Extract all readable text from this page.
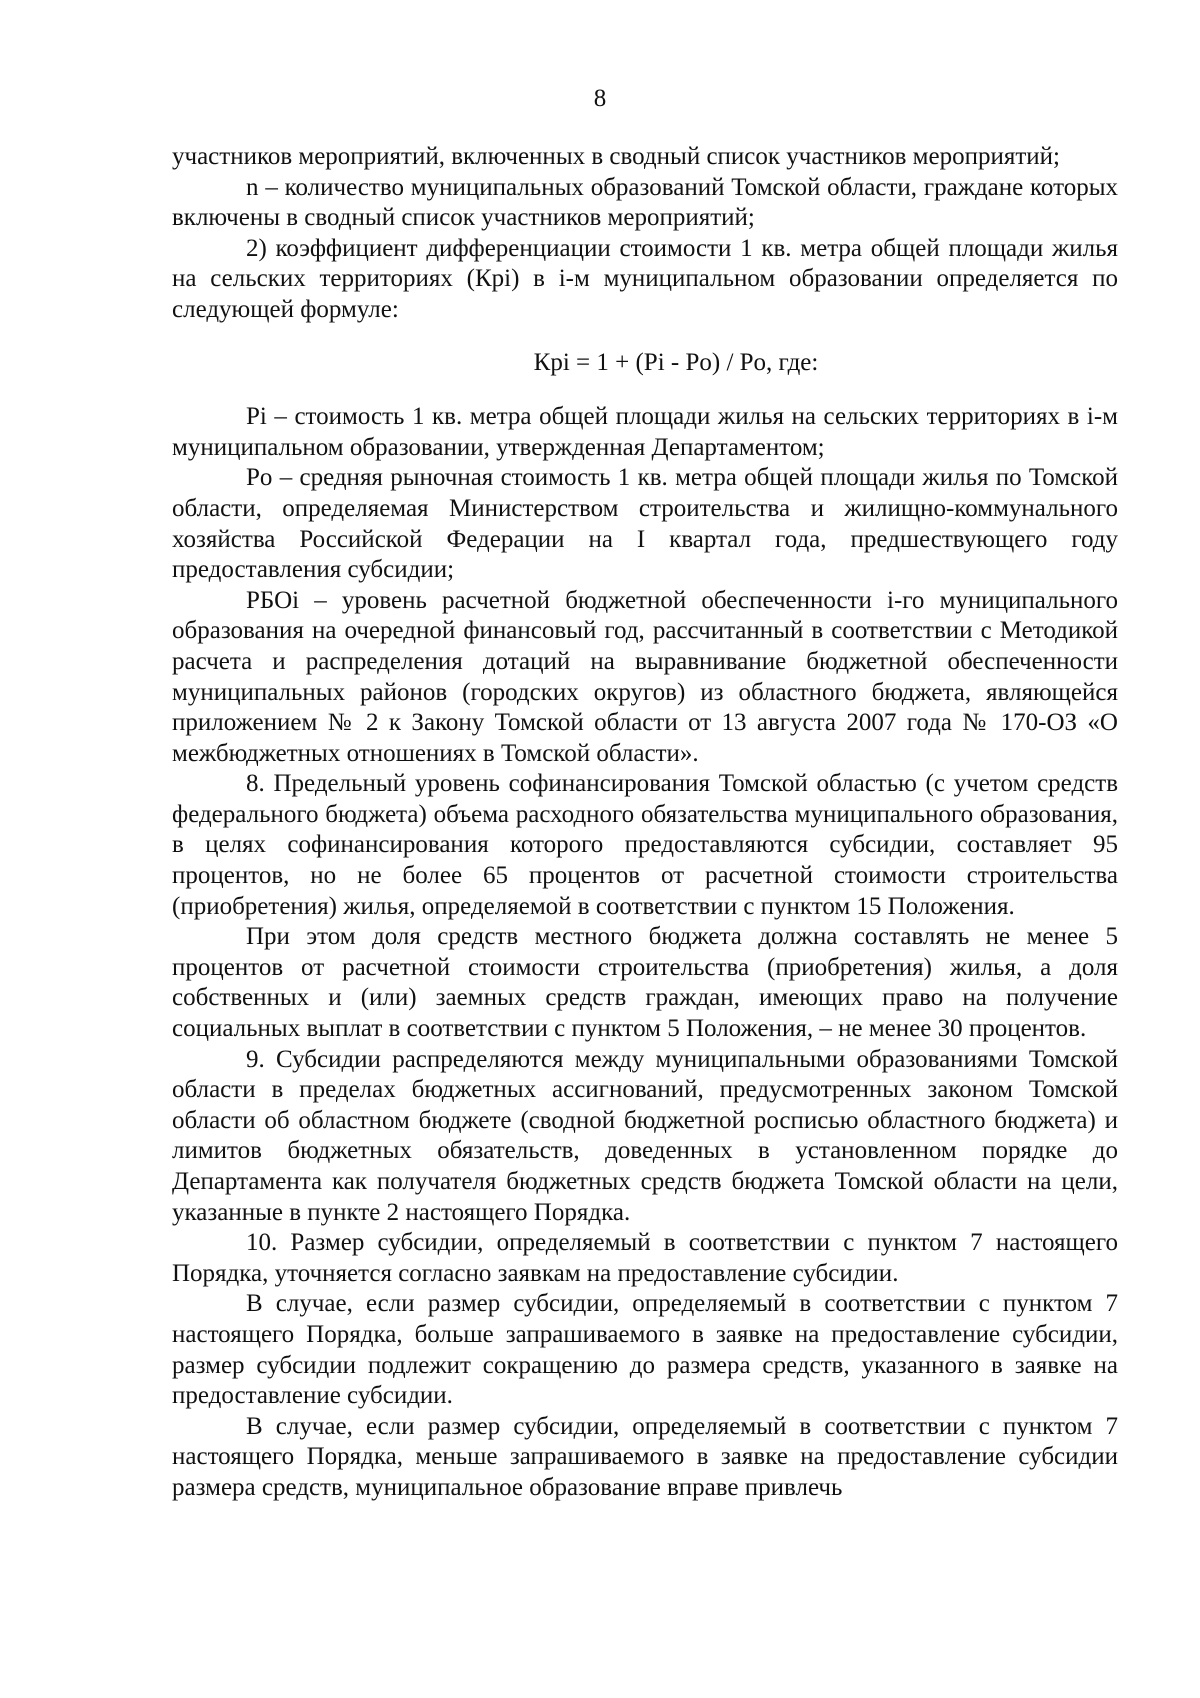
8

участников мероприятий, включенных в сводный список участников мероприятий;

n – количество муниципальных образований Томской области, граждане которых включены в сводный список участников мероприятий;

2) коэффициент дифференциации стоимости 1 кв. метра общей площади жилья на сельских территориях (Кpi) в i-м муниципальном образовании определяется по следующей формуле:

Кpi = 1 + (Pi - Po) / Po, где:

Pi – стоимость 1 кв. метра общей площади жилья на сельских территориях в i-м муниципальном образовании, утвержденная Департаментом;

Po – средняя рыночная стоимость 1 кв. метра общей площади жилья по Томской области, определяемая Министерством строительства и жилищно-коммунального хозяйства Российской Федерации на I квартал года, предшествующего году предоставления субсидии;

РБОi – уровень расчетной бюджетной обеспеченности i-го муниципального образования на очередной финансовый год, рассчитанный в соответствии с Методикой расчета и распределения дотаций на выравнивание бюджетной обеспеченности муниципальных районов (городских округов) из областного бюджета, являющейся приложением № 2 к Закону Томской области от 13 августа 2007 года № 170-ОЗ «О межбюджетных отношениях в Томской области».

8. Предельный уровень софинансирования Томской областью (с учетом средств федерального бюджета) объема расходного обязательства муниципального образования, в целях софинансирования которого предоставляются субсидии, составляет 95 процентов, но не более 65 процентов от расчетной стоимости строительства (приобретения) жилья, определяемой в соответствии с пунктом 15 Положения.

При этом доля средств местного бюджета должна составлять не менее 5 процентов от расчетной стоимости строительства (приобретения) жилья, а доля собственных и (или) заемных средств граждан, имеющих право на получение социальных выплат в соответствии с пунктом 5 Положения, – не менее 30 процентов.

9. Субсидии распределяются между муниципальными образованиями Томской области в пределах бюджетных ассигнований, предусмотренных законом Томской области об областном бюджете (сводной бюджетной росписью областного бюджета) и лимитов бюджетных обязательств, доведенных в установленном порядке до Департамента как получателя бюджетных средств бюджета Томской области на цели, указанные в пункте 2 настоящего Порядка.

10. Размер субсидии, определяемый в соответствии с пунктом 7 настоящего Порядка, уточняется согласно заявкам на предоставление субсидии.

В случае, если размер субсидии, определяемый в соответствии с пунктом 7 настоящего Порядка, больше запрашиваемого в заявке на предоставление субсидии, размер субсидии подлежит сокращению до размера средств, указанного в заявке на предоставление субсидии.

В случае, если размер субсидии, определяемый в соответствии с пунктом 7 настоящего Порядка, меньше запрашиваемого в заявке на предоставление субсидии размера средств, муниципальное образование вправе привлечь
